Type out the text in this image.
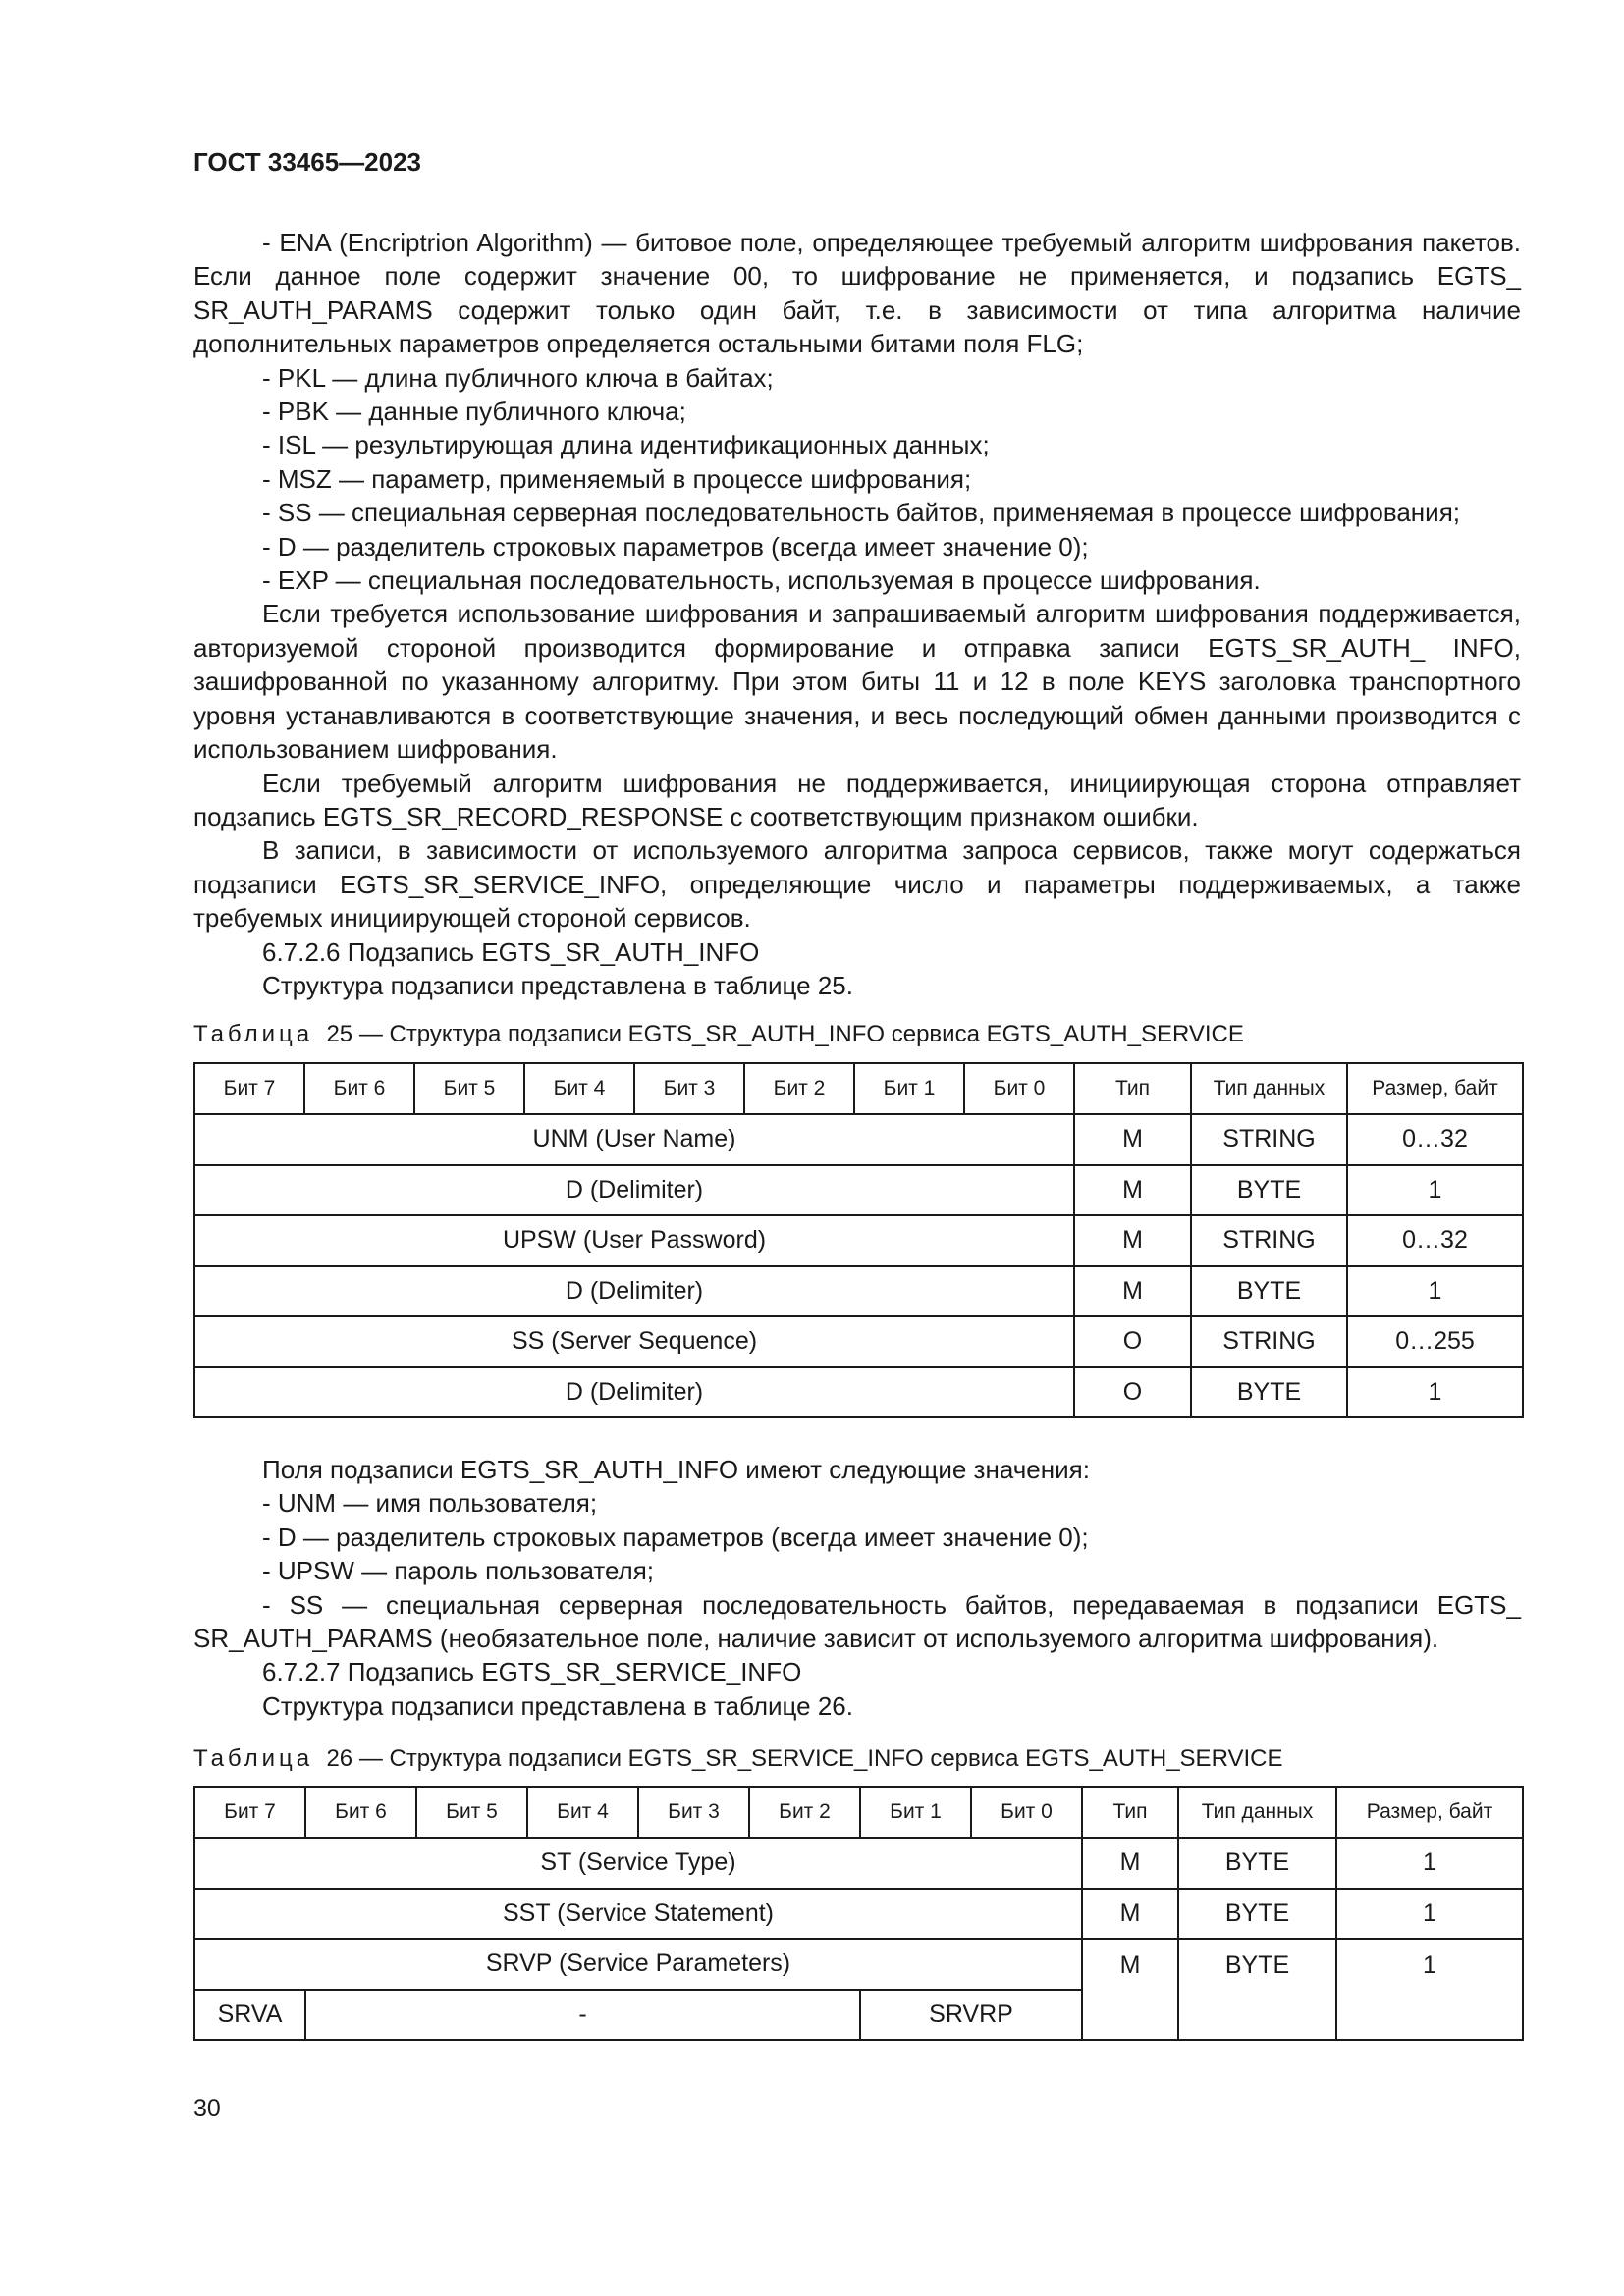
ГОСТ 33465—2023

- ENA (Encriptrion Algorithm) — битовое поле, определяющее требуемый алгоритм шифрования пакетов. Если данное поле содержит значение 00, то шифрование не применяется, и подзапись EGTS_ SR_AUTH_PARAMS содержит только один байт, т.е. в зависимости от типа алгоритма наличие дополнительных параметров определяется остальными битами поля FLG;

- PKL — длина публичного ключа в байтах;

- PBK — данные публичного ключа;

- ISL — результирующая длина идентификационных данных;

- MSZ — параметр, применяемый в процессе шифрования;

- SS — специальная серверная последовательность байтов, применяемая в процессе шифрования;

- D — разделитель строковых параметров (всегда имеет значение 0);

- EXP — специальная последовательность, используемая в процессе шифрования.

Если требуется использование шифрования и запрашиваемый алгоритм шифрования поддерживается, авторизуемой стороной производится формирование и отправка записи EGTS_SR_AUTH_ INFO, зашифрованной по указанному алгоритму. При этом биты 11 и 12 в поле KEYS заголовка транспортного уровня устанавливаются в соответствующие значения, и весь последующий обмен данными производится с использованием шифрования.

Если требуемый алгоритм шифрования не поддерживается, инициирующая сторона отправляет подзапись EGTS_SR_RECORD_RESPONSE с соответствующим признаком ошибки.

В записи, в зависимости от используемого алгоритма запроса сервисов, также могут содержаться подзаписи EGTS_SR_SERVICE_INFO, определяющие число и параметры поддерживаемых, а также требуемых инициирующей стороной сервисов.

6.7.2.6 Подзапись EGTS_SR_AUTH_INFO

Структура подзаписи представлена в таблице 25.

Таблица 25 — Структура подзаписи EGTS_SR_AUTH_INFO сервиса EGTS_AUTH_SERVICE
Бит 7	Бит 6	Бит 5	Бит 4	Бит 3	Бит 2	Бит 1	Бит 0	Тип	Тип данных	Размер, байт
UNM (User Name)								M	STRING	0…32
D (Delimiter)								M	BYTE	1
UPSW (User Password)								M	STRING	0…32
D (Delimiter)								M	BYTE	1
SS (Server Sequence)								O	STRING	0…255
D (Delimiter)								O	BYTE	1

Поля подзаписи EGTS_SR_AUTH_INFO имеют следующие значения:

- UNM — имя пользователя;

- D — разделитель строковых параметров (всегда имеет значение 0);

- UPSW — пароль пользователя;

- SS — специальная серверная последовательность байтов, передаваемая в подзаписи EGTS_ SR_AUTH_PARAMS (необязательное поле, наличие зависит от используемого алгоритма шифрования).

6.7.2.7 Подзапись EGTS_SR_SERVICE_INFO

Структура подзаписи представлена в таблице 26.

Таблица 26 — Структура подзаписи EGTS_SR_SERVICE_INFO сервиса EGTS_AUTH_SERVICE
Бит 7	Бит 6	Бит 5	Бит 4	Бит 3	Бит 2	Бит 1	Бит 0	Тип	Тип данных	Размер, байт
ST (Service Type)								M	BYTE	1
SST (Service Statement)								M	BYTE	1
SRVP (Service Parameters)								M	BYTE	1
SRVA	-					SRVRP				
30
